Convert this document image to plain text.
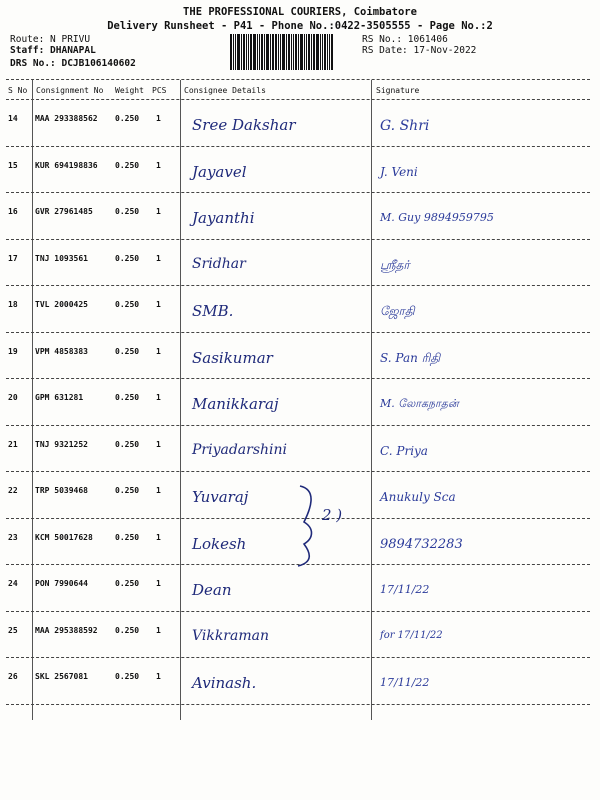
THE PROFESSIONAL COURIERS, Coimbatore
Delivery Runsheet - P41 - Phone No.:0422-3505555 - Page No.:2
Route: N PRIVU
Staff: DHANAPAL
DRS No.: DCJB106140602
RS No.: 1061406
RS Date: 17-Nov-2022
S No Consignment No Weight PCS Consignee Details	Signature
14 MAA 293388562 0.250 1 Sree Dakshar	G. Shri
15 KUR 694198836 0.250 1 Jayavel	J. Veni
16 GVR 27961485	0.250 1 Jayanthi	M. Guy 9894959795
17 TNJ 1093561	0.250 1 Sridhar	ஸ்ரீதர்
18 TVL 2000425	0.250 1 SMB.	ஜோதி
19 VPM 4858383	0.250 1 Sasikumar	S. Pan ரிதி
20 GPM 631281	0.250 1 Manikkaraj	M. லோகநாதன்
21 TNJ 9321252	0.250 1 Priyadarshini	C. Priya
22 TRP 5039468	0.250 1 Yuvaraj	Anukuly Sca
23 KCM 50017628	0.250 1 Lokesh	9894732283
24 PON 7990644	0.250 1 Dean	17/11/22
25 MAA 295388592 0.250 1 Vikkraman	for 17/11/22
26 SKL 2567081	0.250 1 Avinash.	17/11/22
2 )
